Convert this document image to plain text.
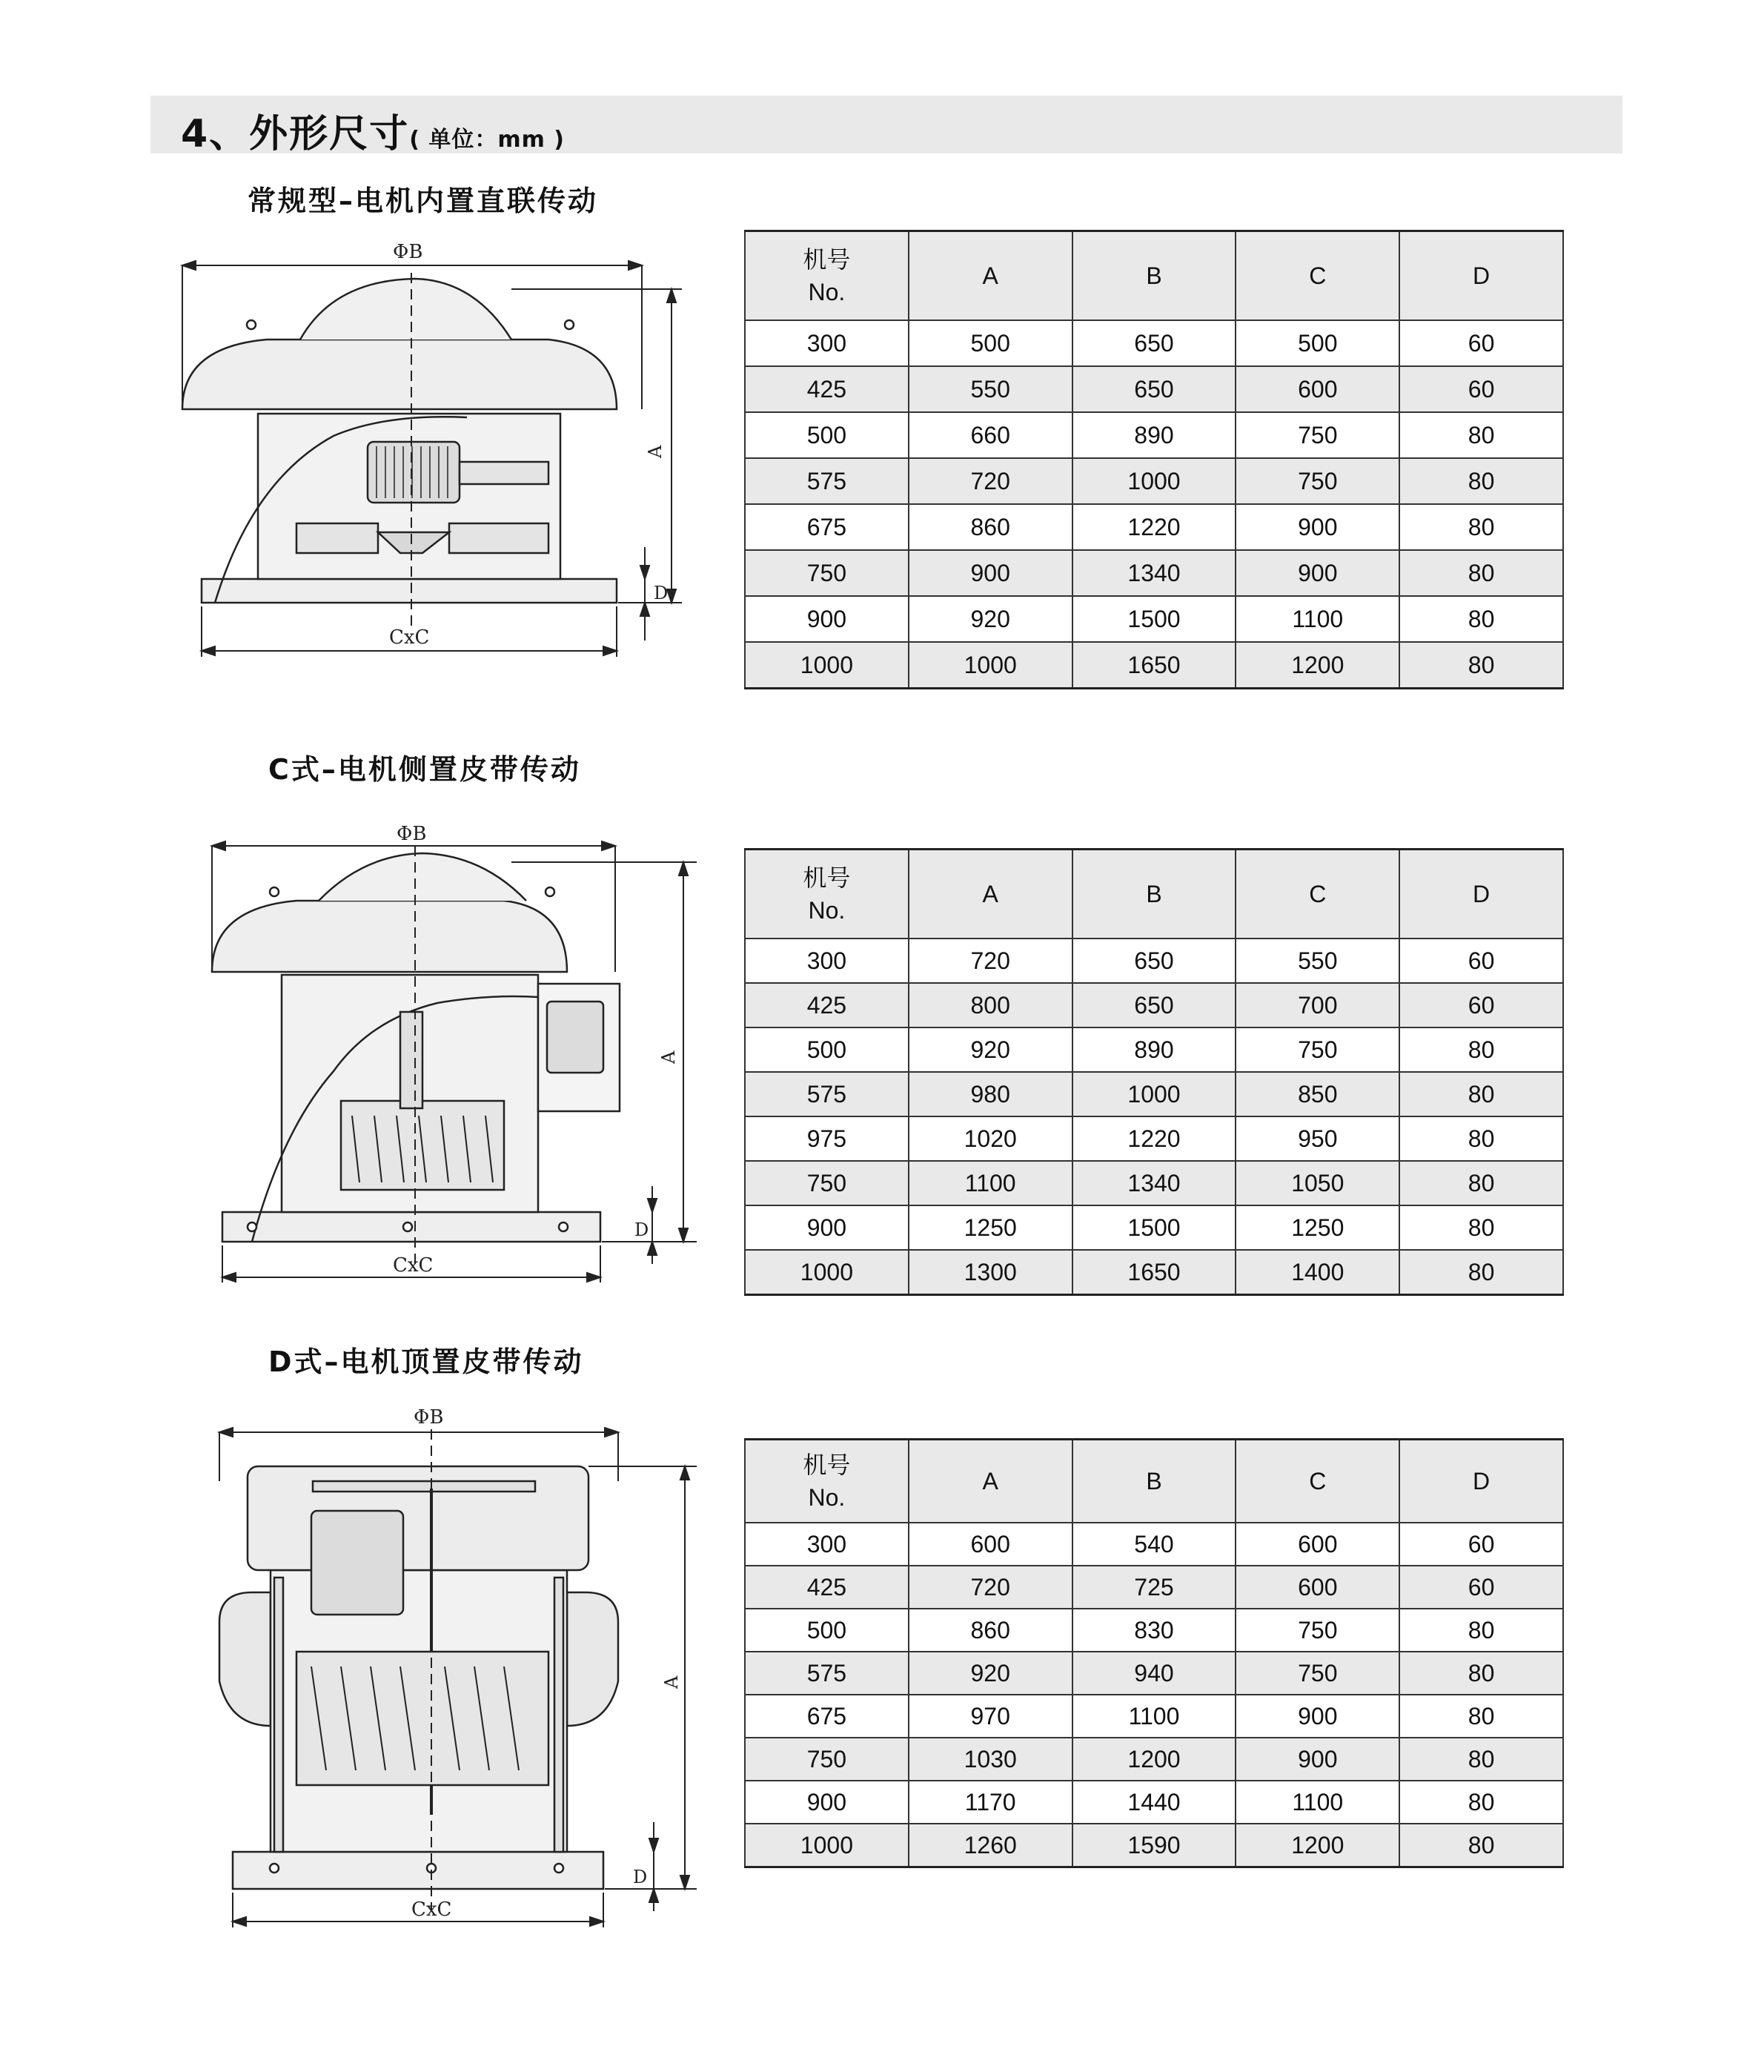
4、外形尺寸( 单位：mm )
常规型–电机内置直联传动
C式–电机侧置皮带传动
D式–电机顶置皮带传动
ΦB
A
D
CxC
ΦB
A
D
CxC
ΦB
A
D
CxC
机号
No.	A	B	C	D
300	500	650	500	60
425	550	650	600	60
500	660	890	750	80
575	720	1000	750	80
675	860	1220	900	80
750	900	1340	900	80
900	920	1500	1100	80
1000	1000	1650	1200	80
机号
No.	A	B	C	D
300	720	650	550	60
425	800	650	700	60
500	920	890	750	80
575	980	1000	850	80
975	1020	1220	950	80
750	1100	1340	1050	80
900	1250	1500	1250	80
1000	1300	1650	1400	80
机号
No.	A	B	C	D
300	600	540	600	60
425	720	725	600	60
500	860	830	750	80
575	920	940	750	80
675	970	1100	900	80
750	1030	1200	900	80
900	1170	1440	1100	80
1000	1260	1590	1200	80
